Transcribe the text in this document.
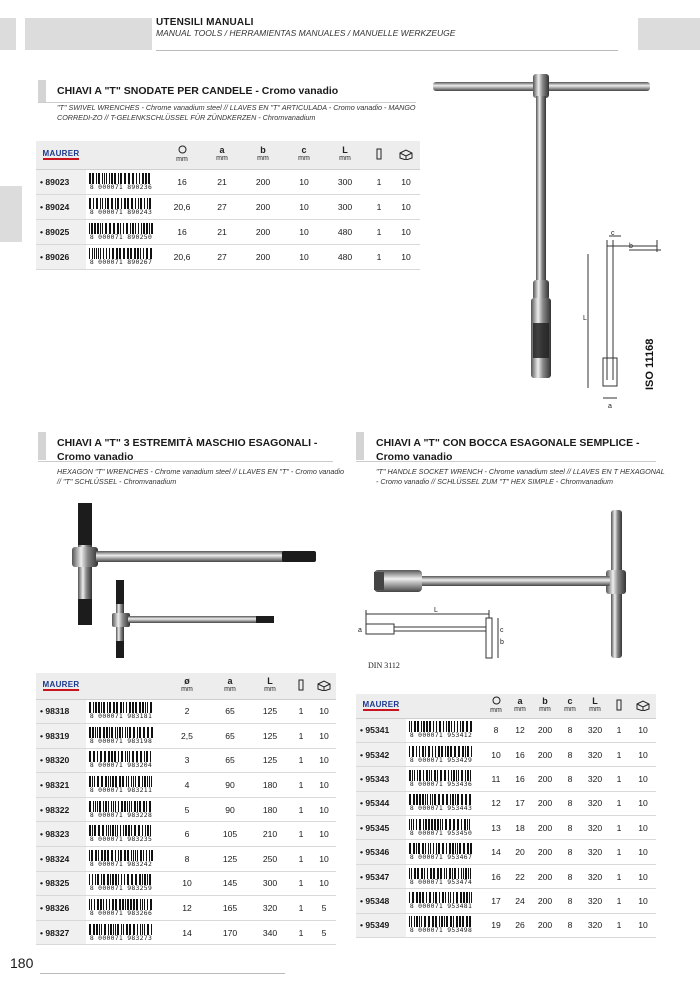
UTENSILI MANUALI
MANUAL TOOLS / HERRAMIENTAS MANUALES / MANUELLE WERKZEUGE
CHIAVI A "T" SNODATE PER CANDELE - Cromo vanadio
"T" SWIVEL WRENCHES - Chrome vanadium steel // LLAVES EN "T" ARTICULADA - Cromo vanadio - MANGO CORREDI-ZO // T-GELENKSCHLÜSSEL FÜR ZÜNDKERZEN - Chromvanadium
MAURER		mm	a
mm	b
mm	c
mm	L
mm

• 89023	8 000071 890236	16	21	200	10	300	1	10
• 89024	8 000071 890243	20,6	27	200	10	300	1	10
• 89025	8 000071 890250	16	21	200	10	480	1	10
• 89026	8 000071 890267	20,6	27	200	10	480	1	10
c
b
L
a
ISO 11168
CHIAVI A "T" 3 ESTREMITÀ MASCHIO ESAGONALI - Cromo vanadio
HEXAGON "T" WRENCHES - Chrome vanadium steel // LLAVES EN "T" - Cromo vanadio // "T" SCHLÜSSEL - Chromvanadium
MAURER		ø
mm	a
mm	L
mm

• 98318	8 000071 983181	2	65	125	1	10
• 98319	8 000071 983198	2,5	65	125	1	10
• 98320	8 000071 983204	3	65	125	1	10
• 98321	8 000071 983211	4	90	180	1	10
• 98322	8 000071 983228	5	90	180	1	10
• 98323	8 000071 983235	6	105	210	1	10
• 98324	8 000071 983242	8	125	250	1	10
• 98325	8 000071 983259	10	145	300	1	10
• 98326	8 000071 983266	12	165	320	1	5
• 98327	8 000071 983273	14	170	340	1	5
CHIAVI A "T" CON BOCCA ESAGONALE SEMPLICE - Cromo vanadio
"T" HANDLE SOCKET WRENCH - Chrome vanadium steel // LLAVES EN T HEXAGONAL - Cromo vanadio // SCHLÜSSEL ZUM "T" HEX SIMPLE - Chromvanadium
L
a	c
b
DIN 3112
MAURER		mm	a
mm	b
mm	c
mm	L
mm

• 95341	8 000071 953412	8	12	200	8	320	1	10
• 95342	8 000071 953429	10	16	200	8	320	1	10
• 95343	8 000071 953436	11	16	200	8	320	1	10
• 95344	8 000071 953443	12	17	200	8	320	1	10
• 95345	8 000071 953450	13	18	200	8	320	1	10
• 95346	8 000071 953467	14	20	200	8	320	1	10
• 95347	8 000071 953474	16	22	200	8	320	1	10
• 95348	8 000071 953481	17	24	200	8	320	1	10
• 95349	8 000071 953498	19	26	200	8	320	1	10
180
